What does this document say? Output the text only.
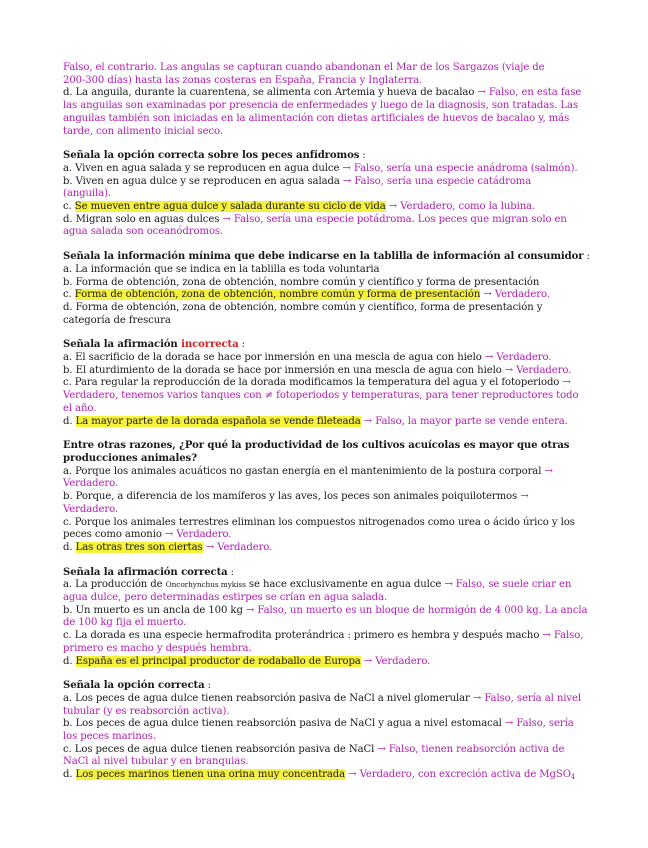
Falso, el contrario. Las angulas se capturan cuando abandonan el Mar de los Sargazos (viaje de
200-300 días) hasta las zonas costeras en España, Francia y Inglaterra.
d. La anguila, durante la cuarentena, se alimenta con Artemia y hueva de bacalao → Falso, en esta fase
las anguilas son examinadas por presencia de enfermedades y luego de la diagnosis, son tratadas. Las
anguilas también son iniciadas en la alimentación con dietas artificiales de huevos de bacalao y, más
tarde, con alimento inicial seco.
Señala la opción correcta sobre los peces anfídromos :
a. Viven en agua salada y se reproducen en agua dulce → Falso, sería una especie anádroma (salmón).
b. Viven en agua dulce y se reproducen en agua salada → Falso, sería una especie catádroma
(anguila).
c. Se mueven entre agua dulce y salada durante su ciclo de vida → Verdadero, como la lubina.
d. Migran solo en aguas dulces → Falso, sería una especie potádroma. Los peces que migran solo en
agua salada son oceanódromos.
Señala la información mínima que debe indicarse en la tablilla de información al consumidor :
a. La información que se indica en la tablilla es toda voluntaria
b. Forma de obtención, zona de obtención, nombre común y científico y forma de presentación
c. Forma de obtención, zona de obtención, nombre común y forma de presentación → Verdadero.
d. Forma de obtención, zona de obtención, nombre común y científico, forma de presentación y
categoría de frescura
Señala la afirmación incorrecta :
a. El sacrificio de la dorada se hace por inmersión en una mescla de agua con hielo → Verdadero.
b. El aturdimiento de la dorada se hace por inmersión en una mescla de agua con hielo → Verdadero.
c. Para regular la reproducción de la dorada modificamos la temperatura del agua y el fotoperiodo →
Verdadero, tenemos varios tanques con ≠ fotoperiodos y temperaturas, para tener reproductores todo
el año.
d. La mayor parte de la dorada española se vende fileteada → Falso, la mayor parte se vende entera.
Entre otras razones, ¿Por qué la productividad de los cultivos acuícolas es mayor que otras
producciones animales?
a. Porque los animales acuáticos no gastan energía en el mantenimiento de la postura corporal →
Verdadero.
b. Porque, a diferencia de los mamíferos y las aves, los peces son animales poiquilotermos →
Verdadero.
c. Porque los animales terrestres eliminan los compuestos nitrogenados como urea o ácido úrico y los
peces como amonio → Verdadero.
d. Las otras tres son ciertas → Verdadero.
Señala la afirmación correcta :
a. La producción de Oncorhynchus mykiss se hace exclusivamente en agua dulce → Falso, se suele criar en
agua dulce, pero determinadas estirpes se crían en agua salada.
b. Un muerto es un ancla de 100 kg → Falso, un muerto es un bloque de hormigón de 4 000 kg. La ancla
de 100 kg fija el muerto.
c. La dorada es una especie hermafrodita proterándrica : primero es hembra y después macho → Falso,
primero es macho y después hembra.
d. España es el principal productor de rodaballo de Europa → Verdadero.
Señala la opción correcta :
a. Los peces de agua dulce tienen reabsorción pasiva de NaCl a nivel glomerular → Falso, sería al nivel
tubular (y es reabsorción activa).
b. Los peces de agua dulce tienen reabsorción pasiva de NaCl y agua a nivel estomacal → Falso, sería
los peces marinos.
c. Los peces de agua dulce tienen reabsorción pasiva de NaCl → Falso, tienen reabsorción activa de
NaCl al nivel tubular y en branquias.
d. Los peces marinos tienen una orina muy concentrada → Verdadero, con excreción activa de MgSO$_4$
